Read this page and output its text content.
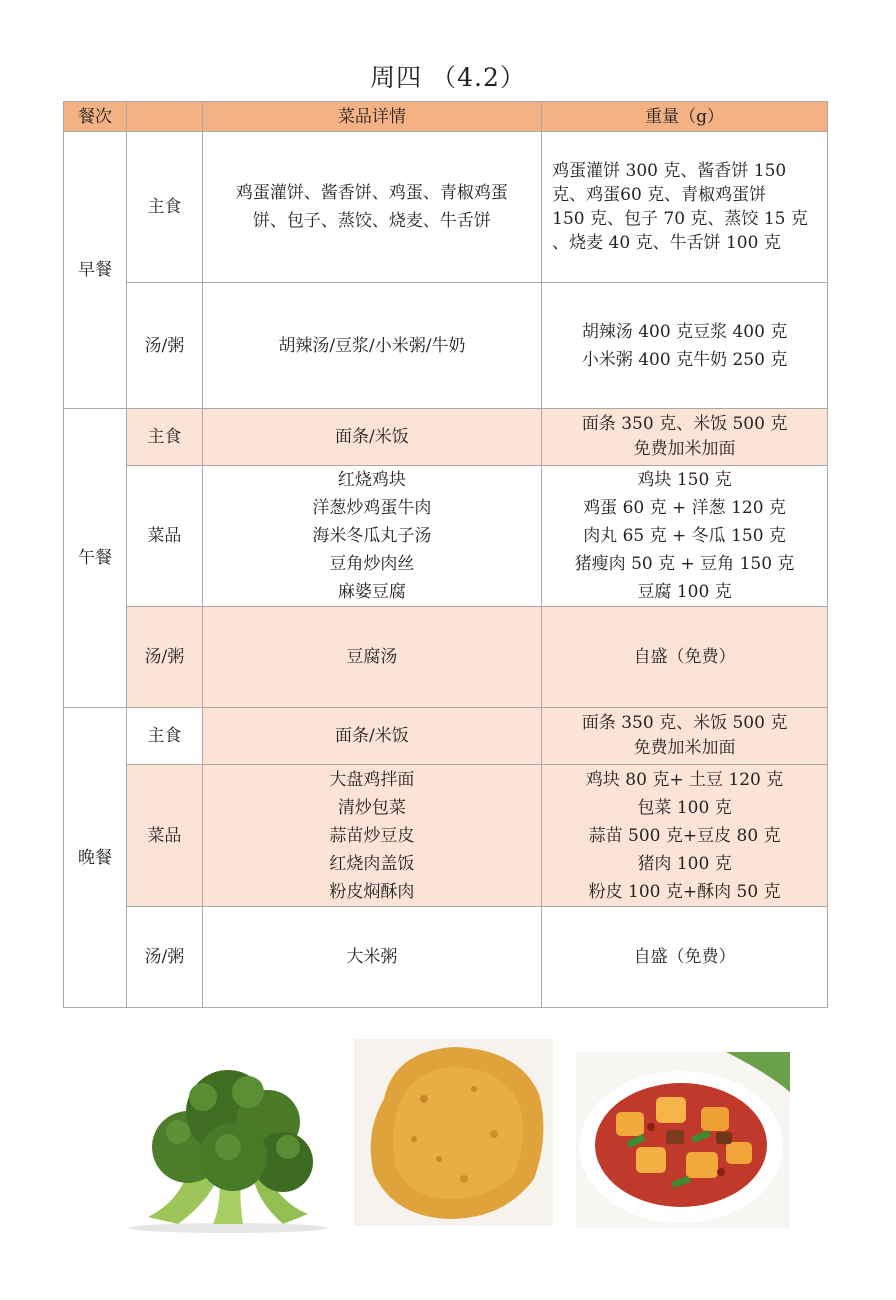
周四 （4.2）
餐次		菜品详情	重量（g）
早餐	主食	鸡蛋灌饼、酱香饼、鸡蛋、青椒鸡蛋
饼、包子、蒸饺、烧麦、牛舌饼	鸡蛋灌饼 300 克、酱香饼 150
克、鸡蛋60 克、青椒鸡蛋饼
150 克、包子 70 克、蒸饺 15 克
、烧麦 40 克、牛舌饼 100 克

	汤/粥	胡辣汤/豆浆/小米粥/牛奶	胡辣汤 400 克豆浆 400 克
小米粥 400 克牛奶 250 克

午餐	主食	面条/米饭	面条 350 克、米饭 500 克
免费加米加面

	菜品	红烧鸡块
洋葱炒鸡蛋牛肉
海米冬瓜丸子汤
豆角炒肉丝
麻婆豆腐	鸡块 150 克
鸡蛋 60 克 + 洋葱 120 克
肉丸 65 克 + 冬瓜 150 克
猪瘦肉 50 克 + 豆角 150 克
豆腐 100 克

	汤/粥	豆腐汤	自盛（免费）

晚餐	主食	面条/米饭	面条 350 克、米饭 500 克
免费加米加面

	菜品	大盘鸡拌面
清炒包菜
蒜苗炒豆皮
红烧肉盖饭
粉皮焖酥肉	鸡块 80 克+ 土豆 120 克
包菜 100 克
蒜苗 500 克+豆皮 80 克
猪肉 100 克
粉皮 100 克+酥肉 50 克

	汤/粥	大米粥	自盛（免费）
